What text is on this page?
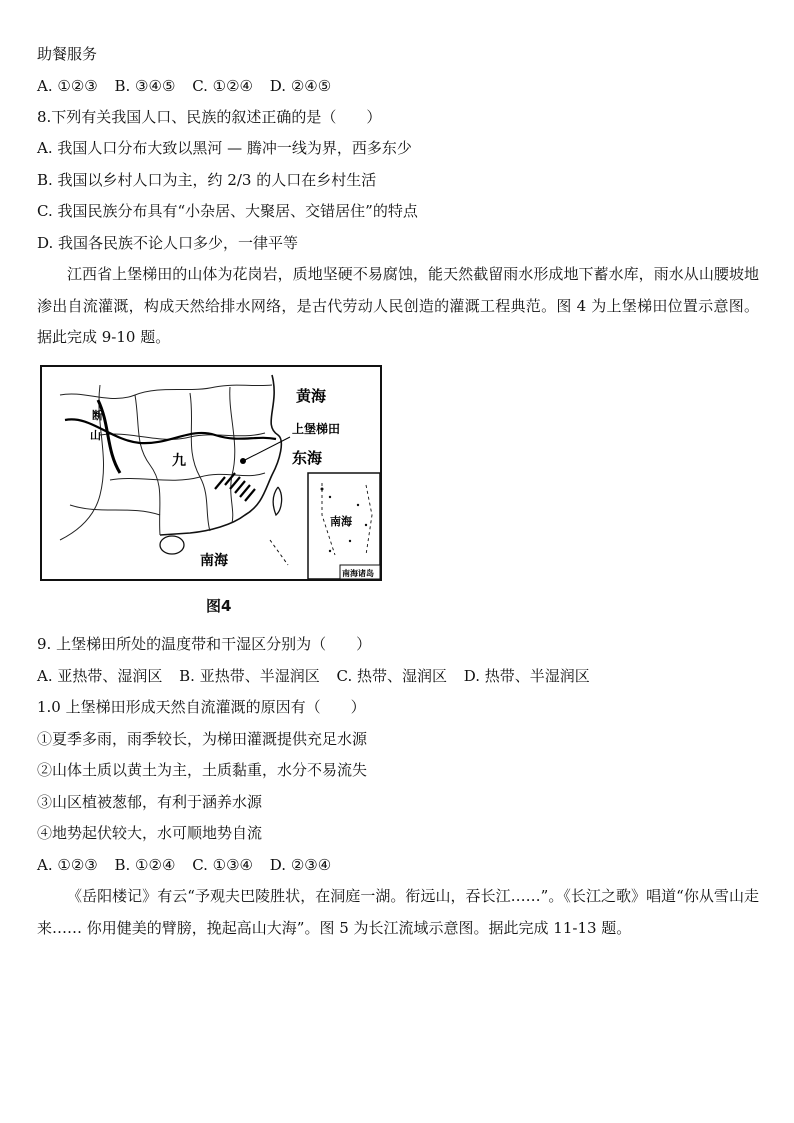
助餐服务
A. ①②③ B. ③④⑤ C. ①②④ D. ②④⑤
8.下列有关我国人口、民族的叙述正确的是（　　）
A. 我国人口分布大致以黑河 — 腾冲一线为界，西多东少
B. 我国以乡村人口为主，约 2/3 的人口在乡村生活
C. 我国民族分布具有“小杂居、大聚居、交错居住”的特点
D. 我国各民族不论人口多少，一律平等
江西省上堡梯田的山体为花岗岩，质地坚硬不易腐蚀，能天然截留雨水形成地下蓄水库，雨水从山腰坡地渗出自流灌溉，构成天然给排水网络，是古代劳动人民创造的灌溉工程典范。图 4 为上堡梯田位置示意图。据此完成 9-10 题。
黄海
上堡梯田
东海
南海
南海
南海诸岛
断
山
九
图4
9. 上堡梯田所处的温度带和干湿区分别为（　　）
A. 亚热带、湿润区 B. 亚热带、半湿润区 C. 热带、湿润区 D. 热带、半湿润区
1.0 上堡梯田形成天然自流灌溉的原因有（　　）
①夏季多雨，雨季较长，为梯田灌溉提供充足水源
②山体土质以黄土为主，土质黏重，水分不易流失
③山区植被葱郁，有利于涵养水源
④地势起伏较大，水可顺地势自流
A. ①②③ B. ①②④ C. ①③④ D. ②③④
《岳阳楼记》有云“予观夫巴陵胜状，在洞庭一湖。衔远山，吞长江……”。《长江之歌》唱道“你从雪山走来…… 你用健美的臂膀，挽起高山大海”。图 5 为长江流域示意图。据此完成 11-13 题。
